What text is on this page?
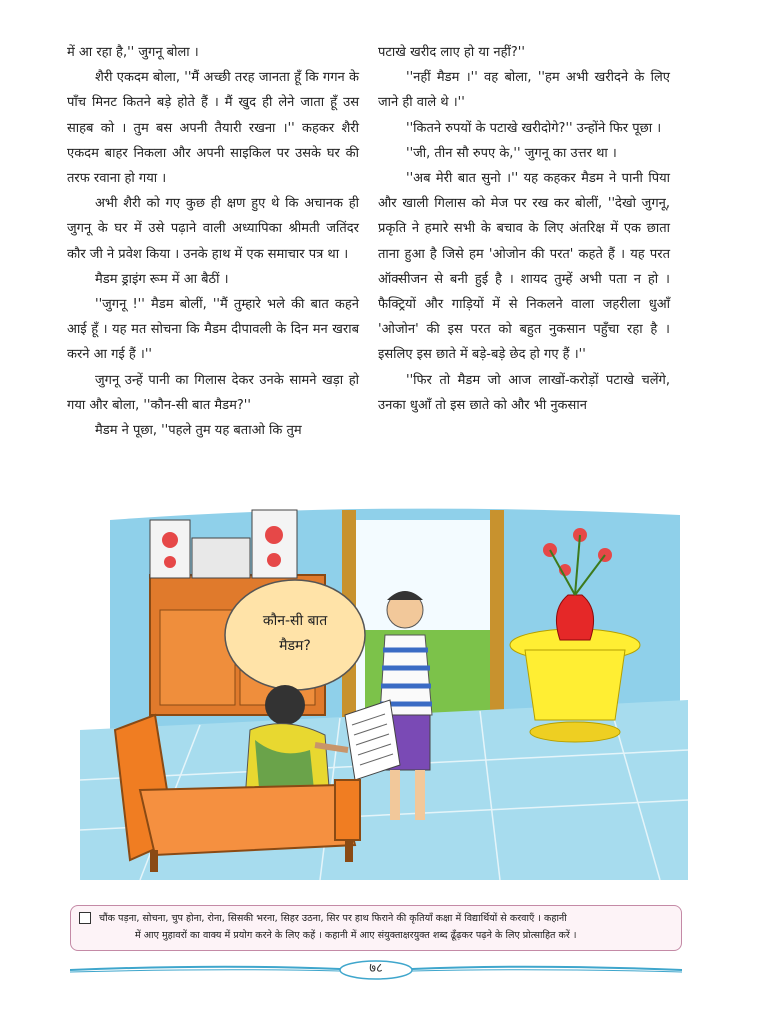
में आ रहा है,'' जुगनू बोला ।

शैरी एकदम बोला, ''मैं अच्छी तरह जानता हूँ कि गगन के पाँच मिनट कितने बड़े होते हैं । मैं खुद ही लेने जाता हूँ उस साहब को । तुम बस अपनी तैयारी रखना ।'' कहकर शैरी एकदम बाहर निकला और अपनी साइकिल पर उसके घर की तरफ रवाना हो गया ।

अभी शैरी को गए कुछ ही क्षण हुए थे कि अचानक ही जुगनू के घर में उसे पढ़ाने वाली अध्यापिका श्रीमती जतिंदर कौर जी ने प्रवेश किया । उनके हाथ में एक समाचार पत्र था ।

मैडम ड्राइंग रूम में आ बैठीं ।

''जुगनू !'' मैडम बोलीं, ''मैं तुम्हारे भले की बात कहने आई हूँ । यह मत सोचना कि मैडम दीपावली के दिन मन खराब करने आ गई हैं ।''

जुगनू उन्हें पानी का गिलास देकर उनके सामने खड़ा हो गया और बोला, ''कौन-सी बात मैडम?''

मैडम ने पूछा, ''पहले तुम यह बताओ कि तुम

पटाखे खरीद लाए हो या नहीं?''

''नहीं मैडम ।'' वह बोला, ''हम अभी खरीदने के लिए जाने ही वाले थे ।''

''कितने रुपयों के पटाखे खरीदोगे?'' उन्होंने फिर पूछा ।

''जी, तीन सौ रुपए के,'' जुगनू का उत्तर था ।

''अब मेरी बात सुनो ।'' यह कहकर मैडम ने पानी पिया और खाली गिलास को मेज पर रख कर बोलीं, ''देखो जुगनू, प्रकृति ने हमारे सभी के बचाव के लिए अंतरिक्ष में एक छाता ताना हुआ है जिसे हम 'ओजोन की परत' कहते हैं । यह परत ऑक्सीजन से बनी हुई है । शायद तुम्हें अभी पता न हो । फैक्ट्रियों और गाड़ियों में से निकलने वाला जहरीला धुआँ 'ओजोन' की इस परत को बहुत नुकसान पहुँचा रहा है । इसलिए इस छाते में बड़े-बड़े छेद हो गए हैं ।''

''फिर तो मैडम जो आज लाखों-करोड़ों पटाखे चलेंगे, उनका धुआँ तो इस छाते को और भी नुकसान

कौन-सी बात
मैडम?
चौंक पड़ना, सोचना, चुप होना, रोना, सिसकी भरना, सिहर उठना, सिर पर हाथ फिराने की कृतियाँ कक्षा में विद्यार्थियों से करवाएँ । कहानी
में आए मुहावरों का वाक्य में प्रयोग करने के लिए कहें । कहानी में आए संयुक्ताक्षरयुक्त शब्द ढूँढ़कर पढ़ने के लिए प्रोत्साहित करें ।
७८
